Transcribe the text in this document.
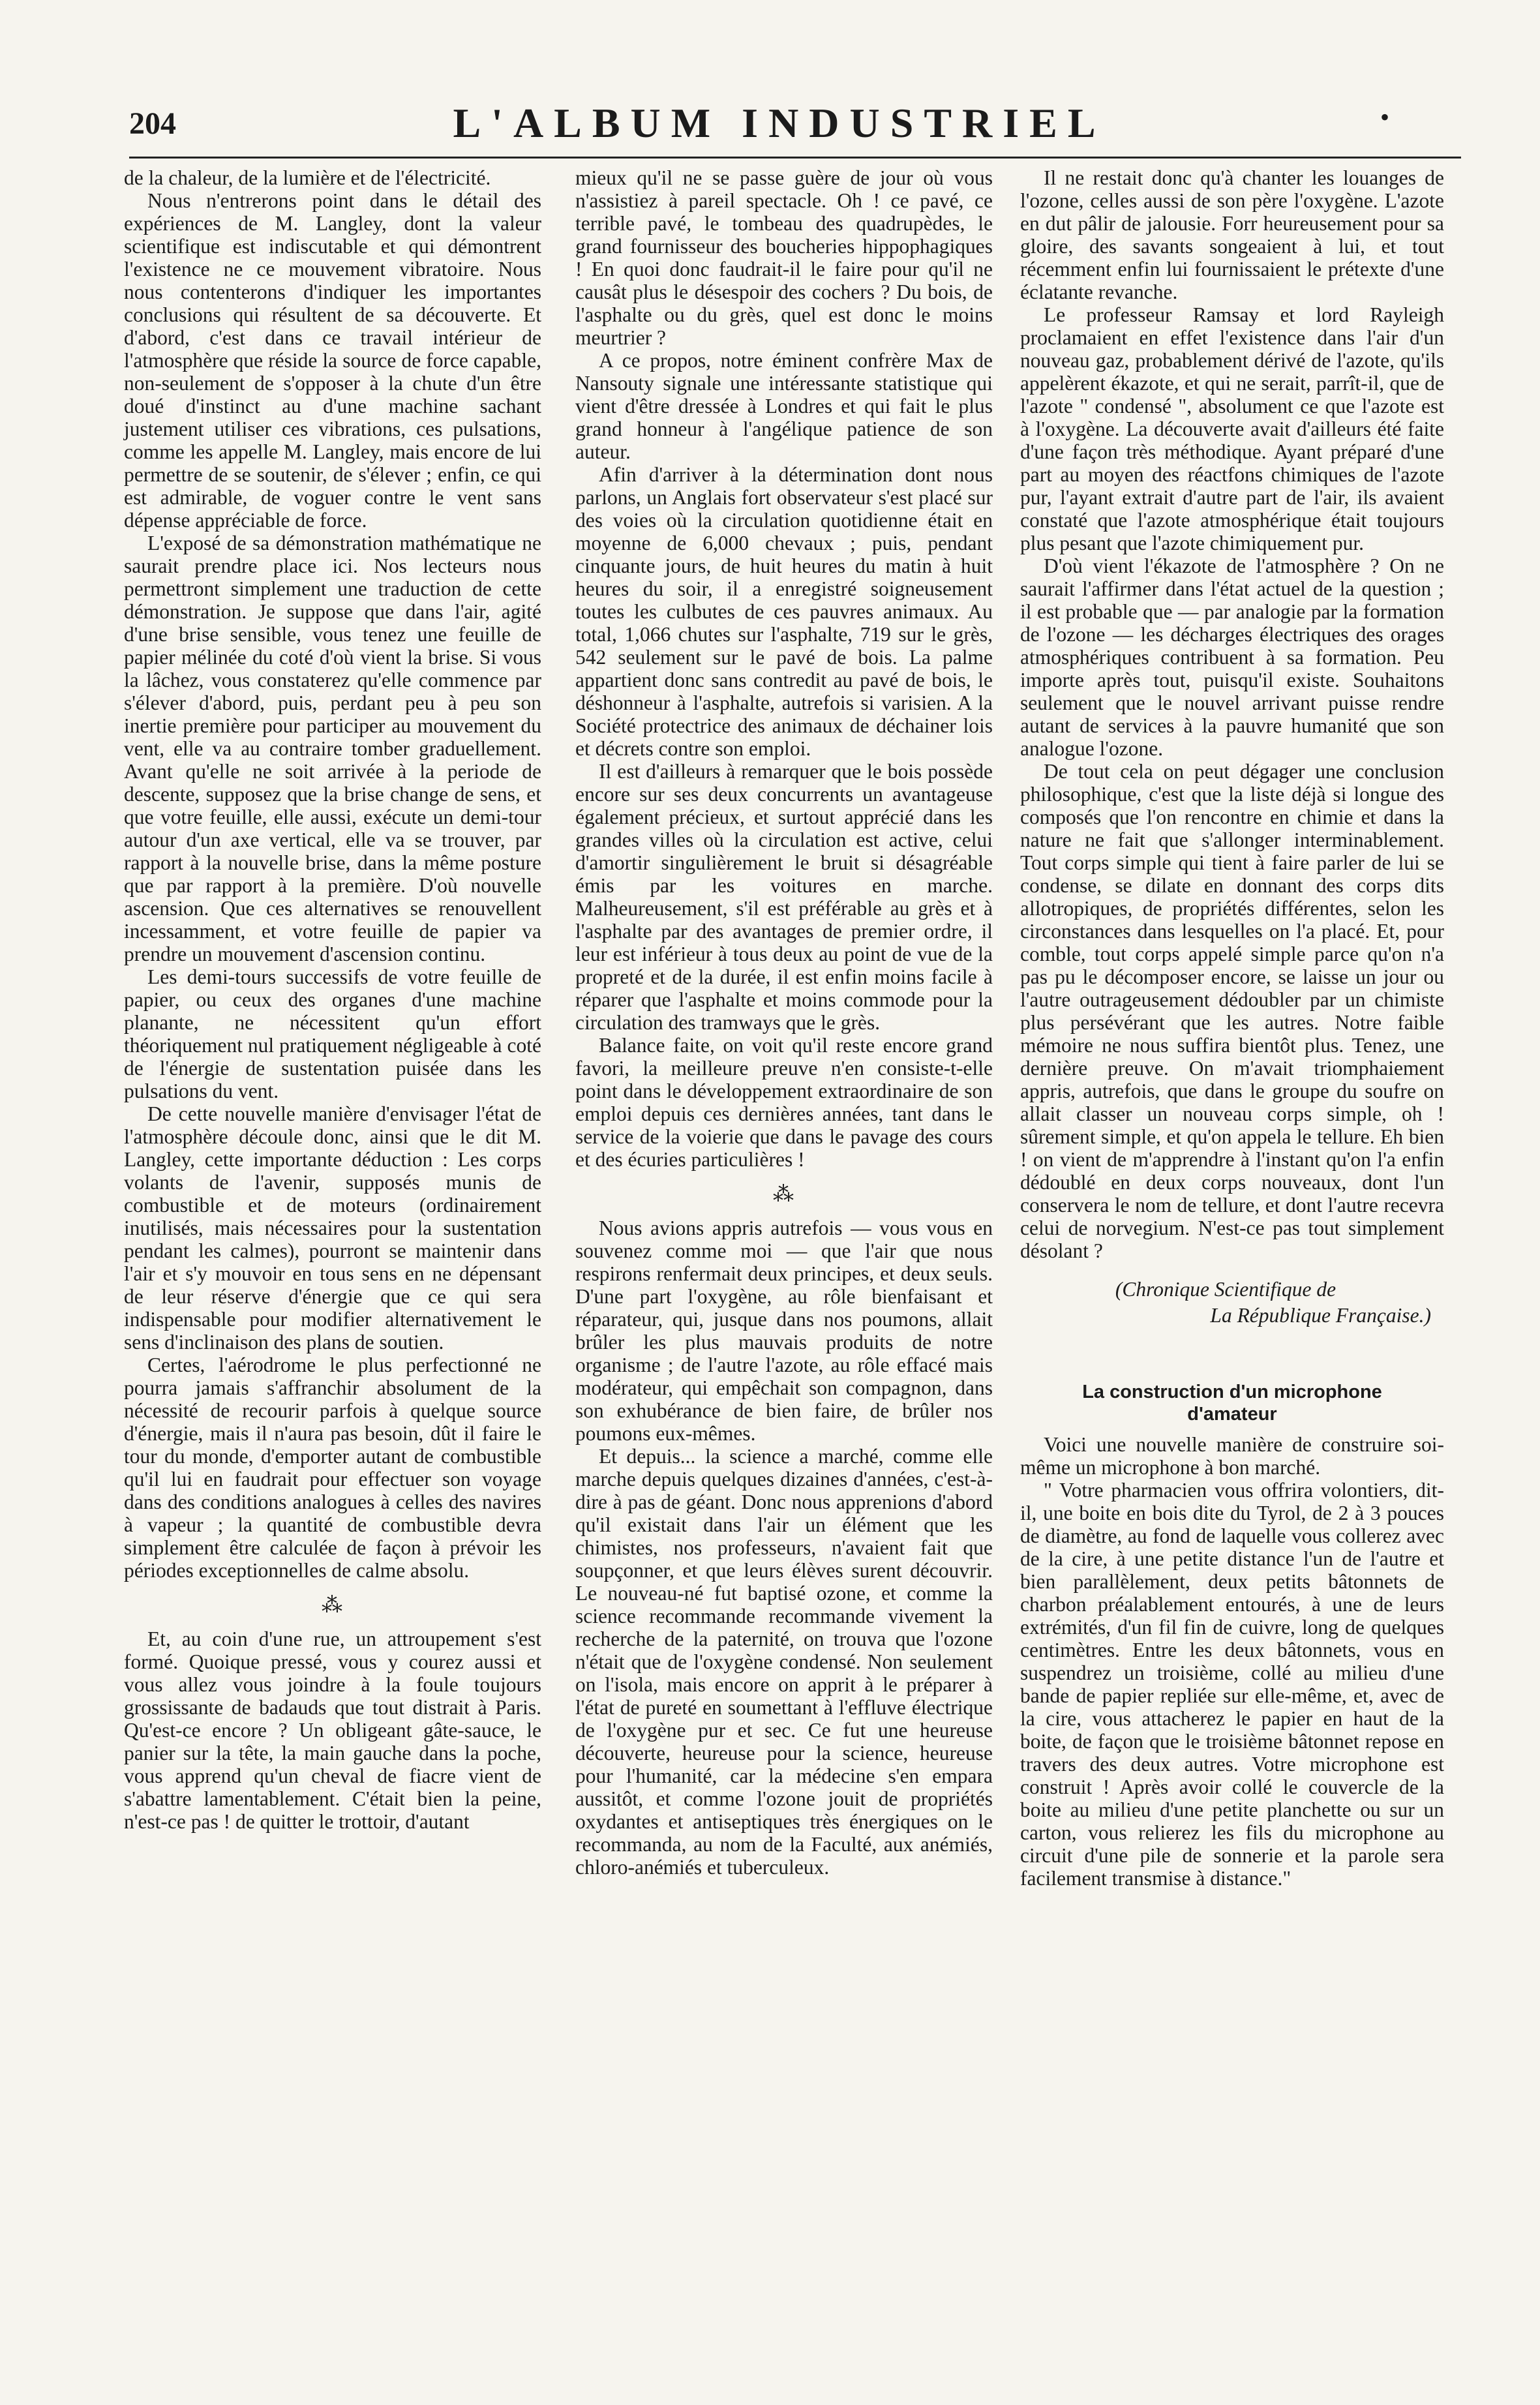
204	L'ALBUM INDUSTRIEL	•

de la chaleur, de la lumière et de l'électricité.

Nous n'entrerons point dans le détail des expériences de M. Langley, dont la valeur scientifique est indiscutable et qui démontrent l'existence ne ce mouvement vibratoire. Nous nous contenterons d'indiquer les importantes conclusions qui résultent de sa découverte. Et d'abord, c'est dans ce travail intérieur de l'atmosphère que réside la source de force capable, non-seulement de s'opposer à la chute d'un être doué d'instinct au d'une machine sachant justement utiliser ces vibrations, ces pulsations, comme les appelle M. Langley, mais encore de lui permettre de se soutenir, de s'élever ; enfin, ce qui est admirable, de voguer contre le vent sans dépense appréciable de force.

L'exposé de sa démonstration mathématique ne saurait prendre place ici. Nos lecteurs nous permettront simplement une traduction de cette démonstration. Je suppose que dans l'air, agité d'une brise sensible, vous tenez une feuille de papier mélinée du coté d'où vient la brise. Si vous la lâchez, vous constaterez qu'elle commence par s'élever d'abord, puis, perdant peu à peu son inertie première pour participer au mouvement du vent, elle va au contraire tomber graduellement. Avant qu'elle ne soit arrivée à la periode de descente, supposez que la brise change de sens, et que votre feuille, elle aussi, exécute un demi-tour autour d'un axe vertical, elle va se trouver, par rapport à la nouvelle brise, dans la même posture que par rapport à la première. D'où nouvelle ascension. Que ces alternatives se renouvellent incessamment, et votre feuille de papier va prendre un mouvement d'ascension continu.

Les demi-tours successifs de votre feuille de papier, ou ceux des organes d'une machine planante, ne nécessitent qu'un effort théoriquement nul pratiquement négligeable à coté de l'énergie de sustentation puisée dans les pulsations du vent.

De cette nouvelle manière d'envisager l'état de l'atmosphère découle donc, ainsi que le dit M. Langley, cette importante déduction : Les corps volants de l'avenir, supposés munis de combustible et de moteurs (ordinairement inutilisés, mais nécessaires pour la sustentation pendant les calmes), pourront se maintenir dans l'air et s'y mouvoir en tous sens en ne dépensant de leur réserve d'énergie que ce qui sera indispensable pour modifier alternativement le sens d'inclinaison des plans de soutien.

Certes, l'aérodrome le plus perfectionné ne pourra jamais s'affranchir absolument de la nécessité de recourir parfois à quelque source d'énergie, mais il n'aura pas besoin, dût il faire le tour du monde, d'emporter autant de combustible qu'il lui en faudrait pour effectuer son voyage dans des conditions analogues à celles des navires à vapeur ; la quantité de combustible devra simplement être calculée de façon à prévoir les périodes exceptionnelles de calme absolu.

⁂

Et, au coin d'une rue, un attroupement s'est formé. Quoique pressé, vous y courez aussi et vous allez vous joindre à la foule toujours grossissante de badauds que tout distrait à Paris. Qu'est-ce encore ? Un obligeant gâte-sauce, le panier sur la tête, la main gauche dans la poche, vous apprend qu'un cheval de fiacre vient de s'abattre lamentablement. C'était bien la peine, n'est-ce pas ! de quitter le trottoir, d'autant

mieux qu'il ne se passe guère de jour où vous n'assistiez à pareil spectacle. Oh ! ce pavé, ce terrible pavé, le tombeau des quadrupèdes, le grand fournisseur des boucheries hippophagiques ! En quoi donc faudrait-il le faire pour qu'il ne causât plus le désespoir des cochers ? Du bois, de l'asphalte ou du grès, quel est donc le moins meurtrier ?

A ce propos, notre éminent confrère Max de Nansouty signale une intéressante statistique qui vient d'être dressée à Londres et qui fait le plus grand honneur à l'angélique patience de son auteur.

Afin d'arriver à la détermination dont nous parlons, un Anglais fort observateur s'est placé sur des voies où la circulation quotidienne était en moyenne de 6,000 chevaux ; puis, pendant cinquante jours, de huit heures du matin à huit heures du soir, il a enregistré soigneusement toutes les culbutes de ces pauvres animaux. Au total, 1,066 chutes sur l'asphalte, 719 sur le grès, 542 seulement sur le pavé de bois. La palme appartient donc sans contredit au pavé de bois, le déshonneur à l'asphalte, autrefois si varisien. A la Société protectrice des animaux de déchainer lois et décrets contre son emploi.

Il est d'ailleurs à remarquer que le bois possède encore sur ses deux concurrents un avantageuse également précieux, et surtout apprécié dans les grandes villes où la circulation est active, celui d'amortir singulièrement le bruit si désagréable émis par les voitures en marche. Malheureusement, s'il est préférable au grès et à l'asphalte par des avantages de premier ordre, il leur est inférieur à tous deux au point de vue de la propreté et de la durée, il est enfin moins facile à réparer que l'asphalte et moins commode pour la circulation des tramways que le grès.

Balance faite, on voit qu'il reste encore grand favori, la meilleure preuve n'en consiste-t-elle point dans le développement extraordinaire de son emploi depuis ces dernières années, tant dans le service de la voierie que dans le pavage des cours et des écuries particulières !

⁂

Nous avions appris autrefois — vous vous en souvenez comme moi — que l'air que nous respirons renfermait deux principes, et deux seuls. D'une part l'oxygène, au rôle bienfaisant et réparateur, qui, jusque dans nos poumons, allait brûler les plus mauvais produits de notre organisme ; de l'autre l'azote, au rôle effacé mais modérateur, qui empêchait son compagnon, dans son exhubérance de bien faire, de brûler nos poumons eux-mêmes.

Et depuis... la science a marché, comme elle marche depuis quelques dizaines d'années, c'est-à-dire à pas de géant. Donc nous apprenions d'abord qu'il existait dans l'air un élément que les chimistes, nos professeurs, n'avaient fait que soupçonner, et que leurs élèves surent découvrir. Le nouveau-né fut baptisé ozone, et comme la science recommande recommande vivement la recherche de la paternité, on trouva que l'ozone n'était que de l'oxygène condensé. Non seulement on l'isola, mais encore on apprit à le préparer à l'état de pureté en soumettant à l'effluve électrique de l'oxygène pur et sec. Ce fut une heureuse découverte, heureuse pour la science, heureuse pour l'humanité, car la médecine s'en empara aussitôt, et comme l'ozone jouit de propriétés oxydantes et antiseptiques très énergiques on le recommanda, au nom de la Faculté, aux anémiés, chloro-anémiés et tuberculeux.

Il ne restait donc qu'à chanter les louanges de l'ozone, celles aussi de son père l'oxygène. L'azote en dut pâlir de jalousie. Forr heureusement pour sa gloire, des savants songeaient à lui, et tout récemment enfin lui fournissaient le prétexte d'une éclatante revanche.

Le professeur Ramsay et lord Rayleigh proclamaient en effet l'existence dans l'air d'un nouveau gaz, probablement dérivé de l'azote, qu'ils appelèrent ékazote, et qui ne serait, parrît-il, que de l'azote " condensé ", absolument ce que l'azote est à l'oxygène. La découverte avait d'ailleurs été faite d'une façon très méthodique. Ayant préparé d'une part au moyen des réactfons chimiques de l'azote pur, l'ayant extrait d'autre part de l'air, ils avaient constaté que l'azote atmosphérique était toujours plus pesant que l'azote chimiquement pur.

D'où vient l'ékazote de l'atmosphère ? On ne saurait l'affirmer dans l'état actuel de la question ; il est probable que — par analogie par la formation de l'ozone — les décharges électriques des orages atmosphériques contribuent à sa formation. Peu importe après tout, puisqu'il existe. Souhaitons seulement que le nouvel arrivant puisse rendre autant de services à la pauvre humanité que son analogue l'ozone.

De tout cela on peut dégager une conclusion philosophique, c'est que la liste déjà si longue des composés que l'on rencontre en chimie et dans la nature ne fait que s'allonger interminablement. Tout corps simple qui tient à faire parler de lui se condense, se dilate en donnant des corps dits allotropiques, de propriétés différentes, selon les circonstances dans lesquelles on l'a placé. Et, pour comble, tout corps appelé simple parce qu'on n'a pas pu le décomposer encore, se laisse un jour ou l'autre outrageusement dédoubler par un chimiste plus persévérant que les autres. Notre faible mémoire ne nous suffira bientôt plus. Tenez, une dernière preuve. On m'avait triomphaiement appris, autrefois, que dans le groupe du soufre on allait classer un nouveau corps simple, oh ! sûrement simple, et qu'on appela le tellure. Eh bien ! on vient de m'apprendre à l'instant qu'on l'a enfin dédoublé en deux corps nouveaux, dont l'un conservera le nom de tellure, et dont l'autre recevra celui de norvegium. N'est-ce pas tout simplement désolant ?

(Chronique Scientifique de
La République Française.)
La construction d'un microphone
d'amateur

Voici une nouvelle manière de construire soi-même un microphone à bon marché.

" Votre pharmacien vous offrira volontiers, dit-il, une boite en bois dite du Tyrol, de 2 à 3 pouces de diamètre, au fond de laquelle vous collerez avec de la cire, à une petite distance l'un de l'autre et bien parallèlement, deux petits bâtonnets de charbon préalablement entourés, à une de leurs extrémités, d'un fil fin de cuivre, long de quelques centimètres. Entre les deux bâtonnets, vous en suspendrez un troisième, collé au milieu d'une bande de papier repliée sur elle-même, et, avec de la cire, vous attacherez le papier en haut de la boite, de façon que le troisième bâtonnet repose en travers des deux autres. Votre microphone est construit ! Après avoir collé le couvercle de la boite au milieu d'une petite planchette ou sur un carton, vous relierez les fils du microphone au circuit d'une pile de sonnerie et la parole sera facilement transmise à distance."
